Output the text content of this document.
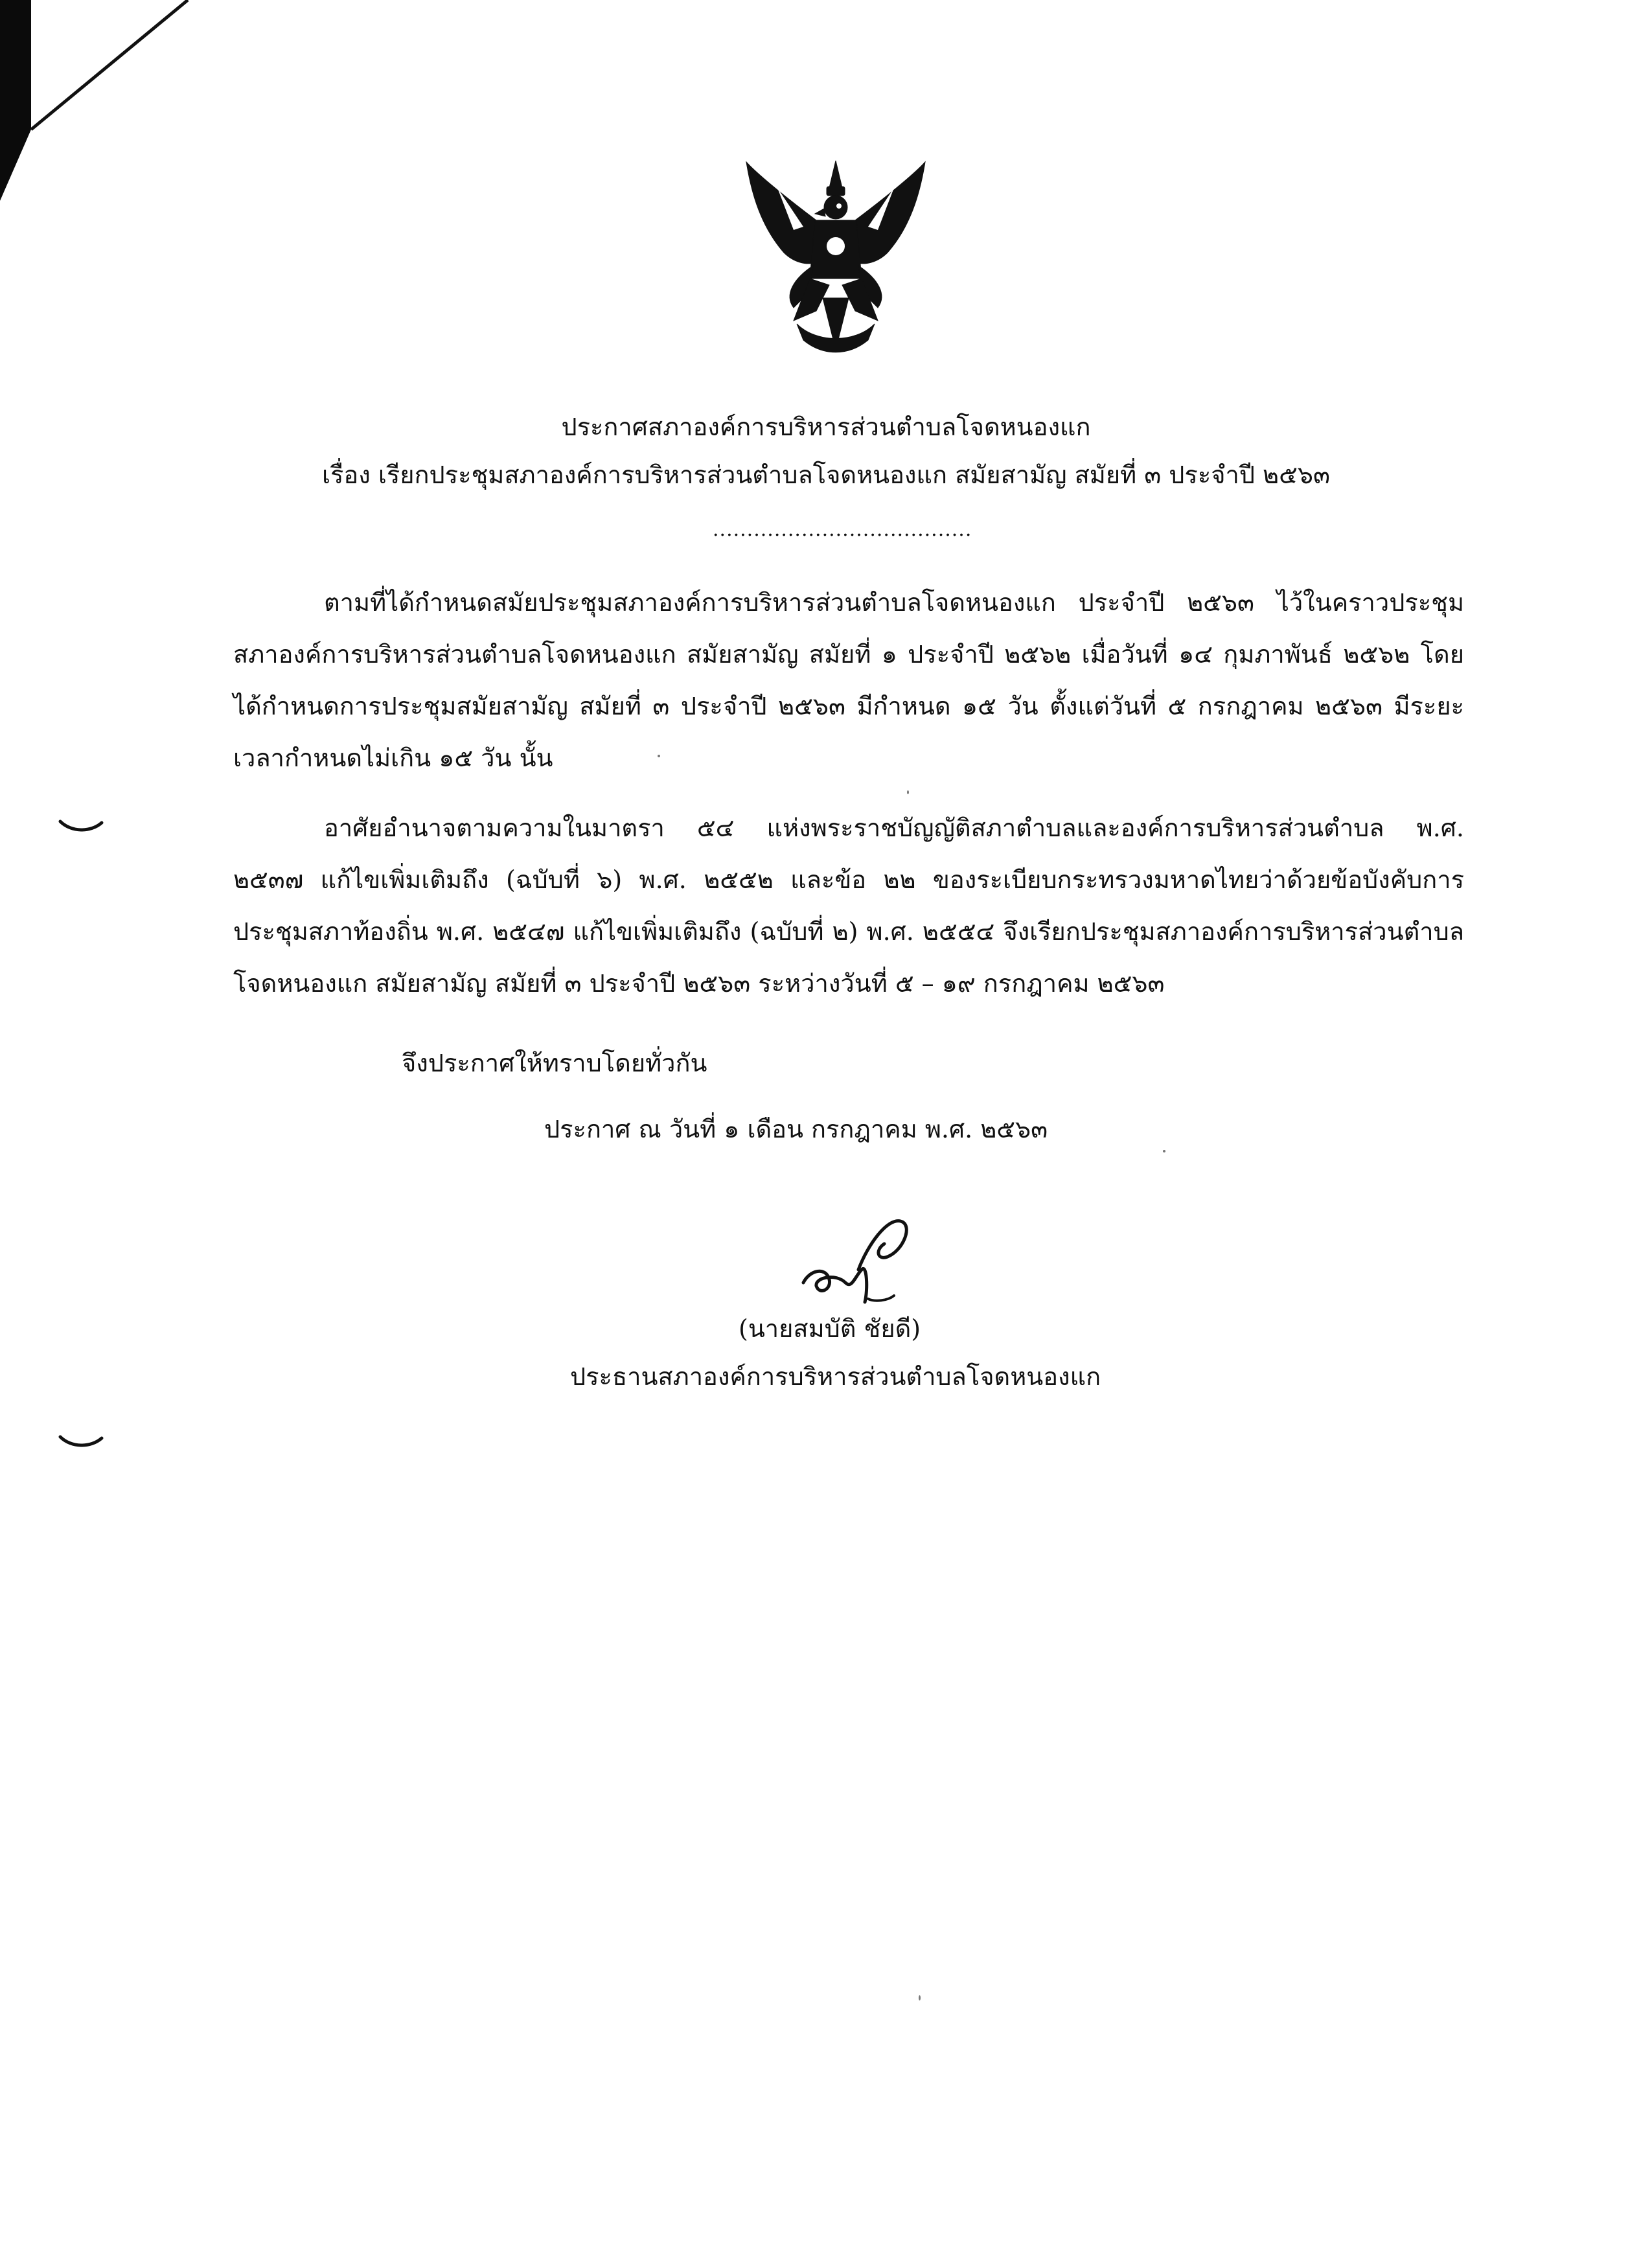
ประกาศสภาองค์การบริหารส่วนตำบลโจดหนองแก
เรื่อง เรียกประชุมสภาองค์การบริหารส่วนตำบลโจดหนองแก สมัยสามัญ สมัยที่ ๓ ประจำปี ๒๕๖๓
......................................
ตามที่ได้กำหนดสมัยประชุมสภาองค์การบริหารส่วนตำบลโจดหนองแก ประจำปี ๒๕๖๓ ไว้ในคราวประชุมสภาองค์การบริหารส่วนตำบลโจดหนองแก สมัยสามัญ สมัยที่ ๑ ประจำปี ๒๕๖๒ เมื่อวันที่ ๑๔ กุมภาพันธ์ ๒๕๖๒ โดยได้กำหนดการประชุมสมัยสามัญ สมัยที่ ๓ ประจำปี ๒๕๖๓ มีกำหนด ๑๕ วัน ตั้งแต่วันที่ ๕ กรกฎาคม ๒๕๖๓ มีระยะเวลากำหนดไม่เกิน ๑๕ วัน นั้น
อาศัยอำนาจตามความในมาตรา ๕๔ แห่งพระราชบัญญัติสภาตำบลและองค์การบริหารส่วนตำบล พ.ศ. ๒๕๓๗ แก้ไขเพิ่มเติมถึง (ฉบับที่ ๖) พ.ศ. ๒๕๕๒ และข้อ ๒๒ ของระเบียบกระทรวงมหาดไทยว่าด้วยข้อบังคับการประชุมสภาท้องถิ่น พ.ศ. ๒๕๔๗ แก้ไขเพิ่มเติมถึง (ฉบับที่ ๒) พ.ศ. ๒๕๕๔ จึงเรียกประชุมสภาองค์การบริหารส่วนตำบลโจดหนองแก สมัยสามัญ สมัยที่ ๓ ประจำปี ๒๕๖๓ ระหว่างวันที่ ๕ – ๑๙ กรกฎาคม ๒๕๖๓
จึงประกาศให้ทราบโดยทั่วกัน
ประกาศ ณ วันที่ ๑ เดือน กรกฎาคม พ.ศ. ๒๕๖๓
(นายสมบัติ ชัยดี)
ประธานสภาองค์การบริหารส่วนตำบลโจดหนองแก
